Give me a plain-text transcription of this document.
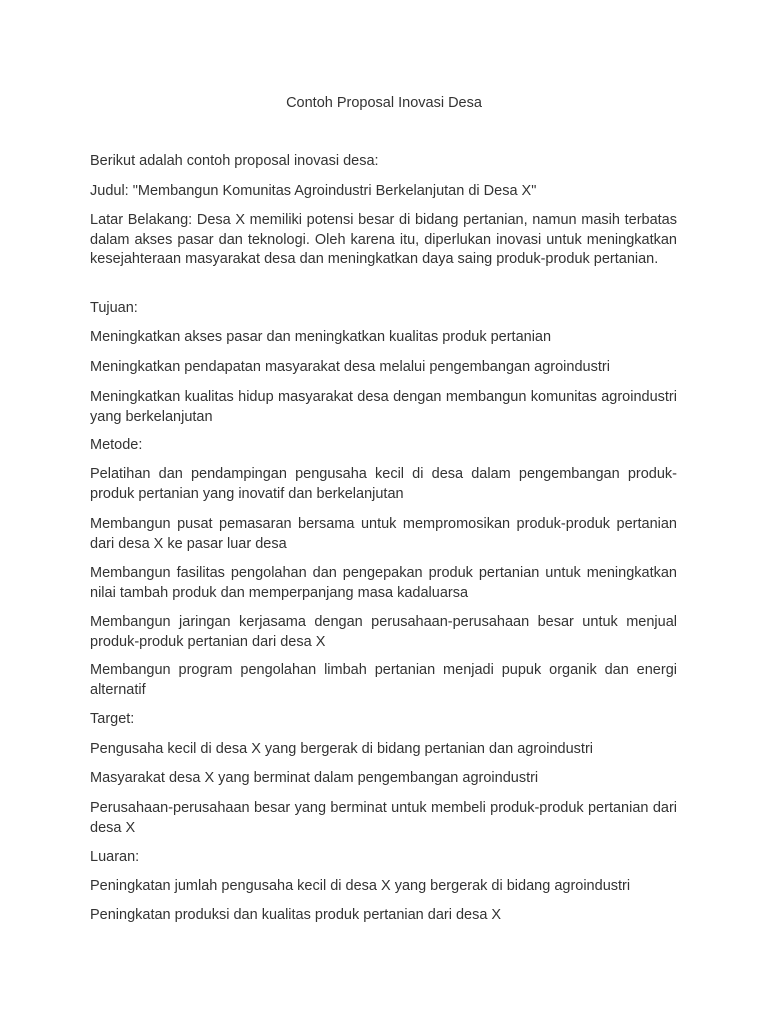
Contoh Proposal Inovasi Desa

Berikut adalah contoh proposal inovasi desa:

Judul: "Membangun Komunitas Agroindustri Berkelanjutan di Desa X"

Latar Belakang: Desa X memiliki potensi besar di bidang pertanian, namun masih terbatas dalam akses pasar dan teknologi. Oleh karena itu, diperlukan inovasi untuk meningkatkan kesejahteraan masyarakat desa dan meningkatkan daya saing produk-produk pertanian.

Tujuan:

Meningkatkan akses pasar dan meningkatkan kualitas produk pertanian

Meningkatkan pendapatan masyarakat desa melalui pengembangan agroindustri

Meningkatkan kualitas hidup masyarakat desa dengan membangun komunitas agroindustri yang berkelanjutan

Metode:

Pelatihan dan pendampingan pengusaha kecil di desa dalam pengembangan produk-produk pertanian yang inovatif dan berkelanjutan

Membangun pusat pemasaran bersama untuk mempromosikan produk-produk pertanian dari desa X ke pasar luar desa

Membangun fasilitas pengolahan dan pengepakan produk pertanian untuk meningkatkan nilai tambah produk dan memperpanjang masa kadaluarsa

Membangun jaringan kerjasama dengan perusahaan-perusahaan besar untuk menjual produk-produk pertanian dari desa X

Membangun program pengolahan limbah pertanian menjadi pupuk organik dan energi alternatif

Target:

Pengusaha kecil di desa X yang bergerak di bidang pertanian dan agroindustri

Masyarakat desa X yang berminat dalam pengembangan agroindustri

Perusahaan-perusahaan besar yang berminat untuk membeli produk-produk pertanian dari desa X

Luaran:

Peningkatan jumlah pengusaha kecil di desa X yang bergerak di bidang agroindustri

Peningkatan produksi dan kualitas produk pertanian dari desa X
